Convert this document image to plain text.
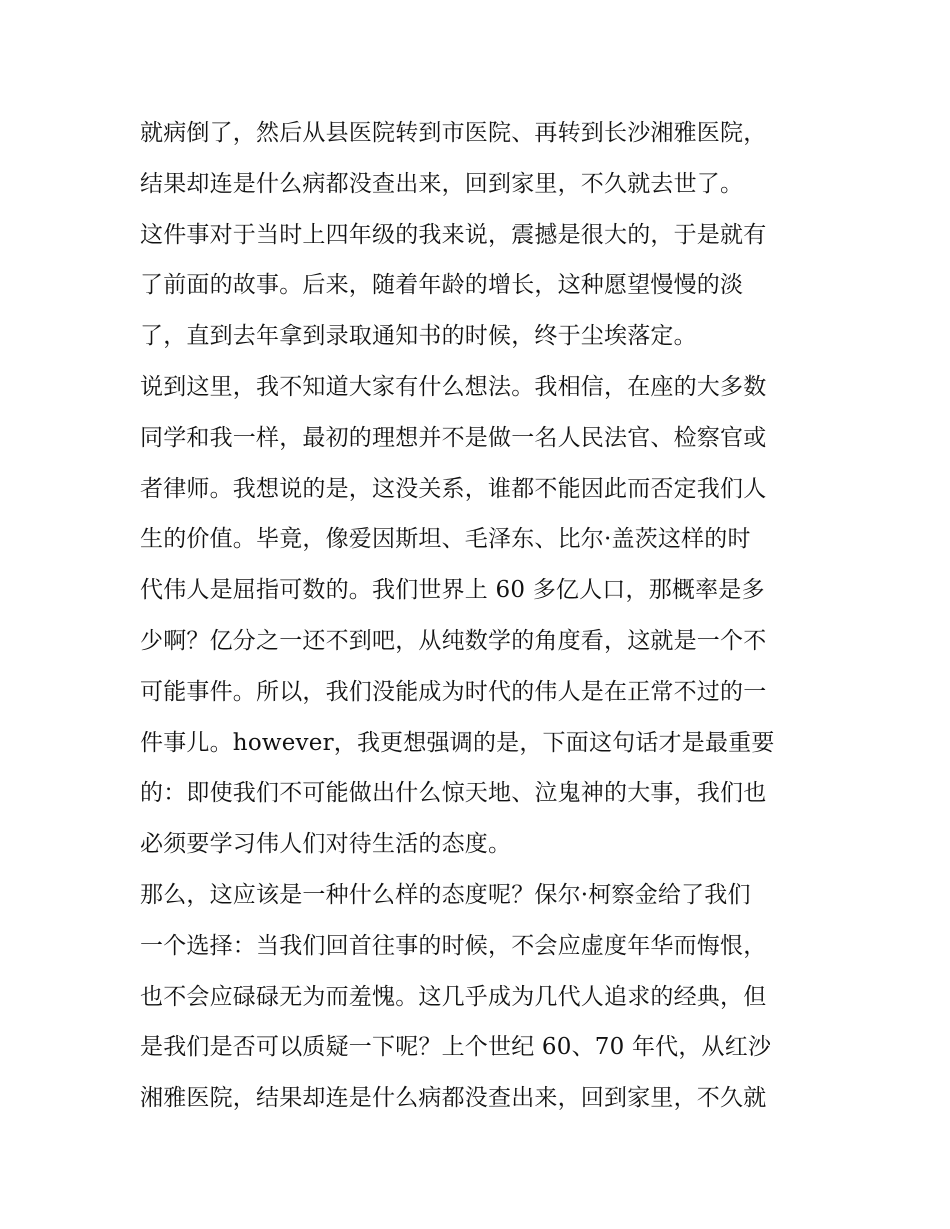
就病倒了，然后从县医院转到市医院、再转到长沙湘雅医院，
结果却连是什么病都没查出来，回到家里，不久就去世了。
这件事对于当时上四年级的我来说，震撼是很大的，于是就有
了前面的故事。后来，随着年龄的增长，这种愿望慢慢的淡
了，直到去年拿到录取通知书的时候，终于尘埃落定。
说到这里，我不知道大家有什么想法。我相信，在座的大多数
同学和我一样，最初的理想并不是做一名人民法官、检察官或
者律师。我想说的是，这没关系，谁都不能因此而否定我们人
生的价值。毕竟，像爱因斯坦、毛泽东、比尔·盖茨这样的时
代伟人是屈指可数的。我们世界上 60 多亿人口，那概率是多
少啊？亿分之一还不到吧，从纯数学的角度看，这就是一个不
可能事件。所以，我们没能成为时代的伟人是在正常不过的一
件事儿。however，我更想强调的是，下面这句话才是最重要
的：即使我们不可能做出什么惊天地、泣鬼神的大事，我们也
必须要学习伟人们对待生活的态度。
那么，这应该是一种什么样的态度呢？保尔·柯察金给了我们
一个选择：当我们回首往事的时候，不会应虚度年华而悔恨，
也不会应碌碌无为而羞愧。这几乎成为几代人追求的经典，但
是我们是否可以质疑一下呢？上个世纪 60、70 年代，从红沙
湘雅医院，结果却连是什么病都没查出来，回到家里，不久就
